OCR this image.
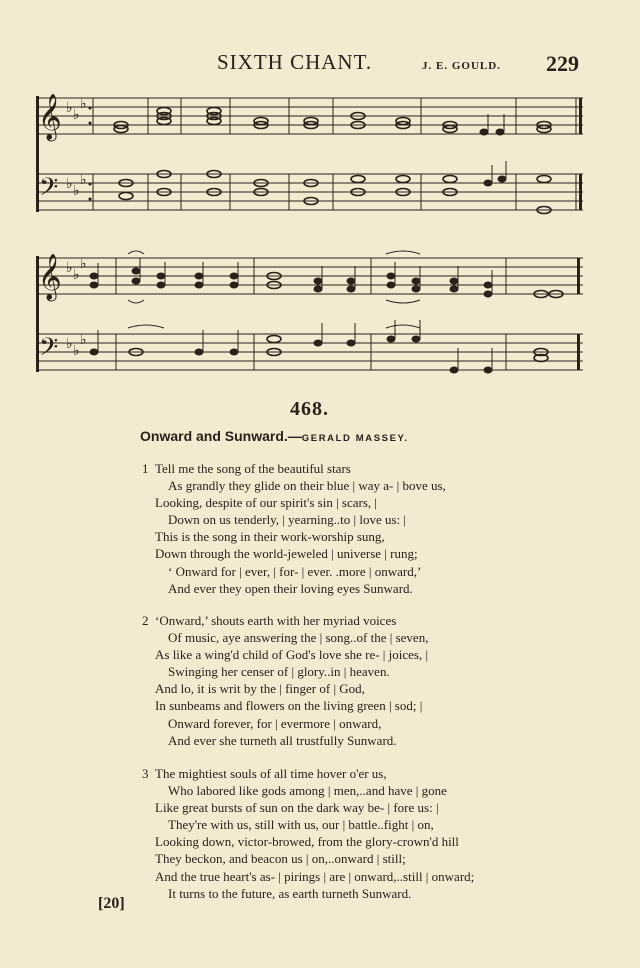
SIXTH CHANT.	J. E. GOULD. 229
𝄞
𝄢
♭ ♭
♭
♭ ♭
♭
𝄞
𝄢
♭ ♭
♭
♭ ♭
♭
468.
Onward and Sunward.—GERALD MASSEY.
1 Tell me the song of the beautiful stars
As grandly they glide on their blue | way a- | bove us,
Looking, despite of our spirit's sin | scars, |
Down on us tenderly, | yearning..to | love us: |
This is the song in their work-worship sung,
Down through the world-jeweled | universe | rung;
‘ Onward for | ever, | for- | ever. .more | onward,’
And ever they open their loving eyes Sunward.
2 ‘Onward,’ shouts earth with her myriad voices
Of music, aye answering the | song..of the | seven,
As like a wing'd child of God's love she re- | joices, |
Swinging her censer of | glory..in | heaven.
And lo, it is writ by the | finger of | God,
In sunbeams and flowers on the living green | sod; |
Onward forever, for | evermore | onward,
And ever she turneth all trustfully Sunward.
3 The mightiest souls of all time hover o'er us,
Who labored like gods among | men,..and have | gone
Like great bursts of sun on the dark way be- | fore us: |
They're with us, still with us, our | battle..fight | on,
Looking down, victor-browed, from the glory-crown'd hill
They beckon, and beacon us | on,..onward | still;
And the true heart's as- | pirings | are | onward,..still | onward;
It turns to the future, as earth turneth Sunward.
[20]
